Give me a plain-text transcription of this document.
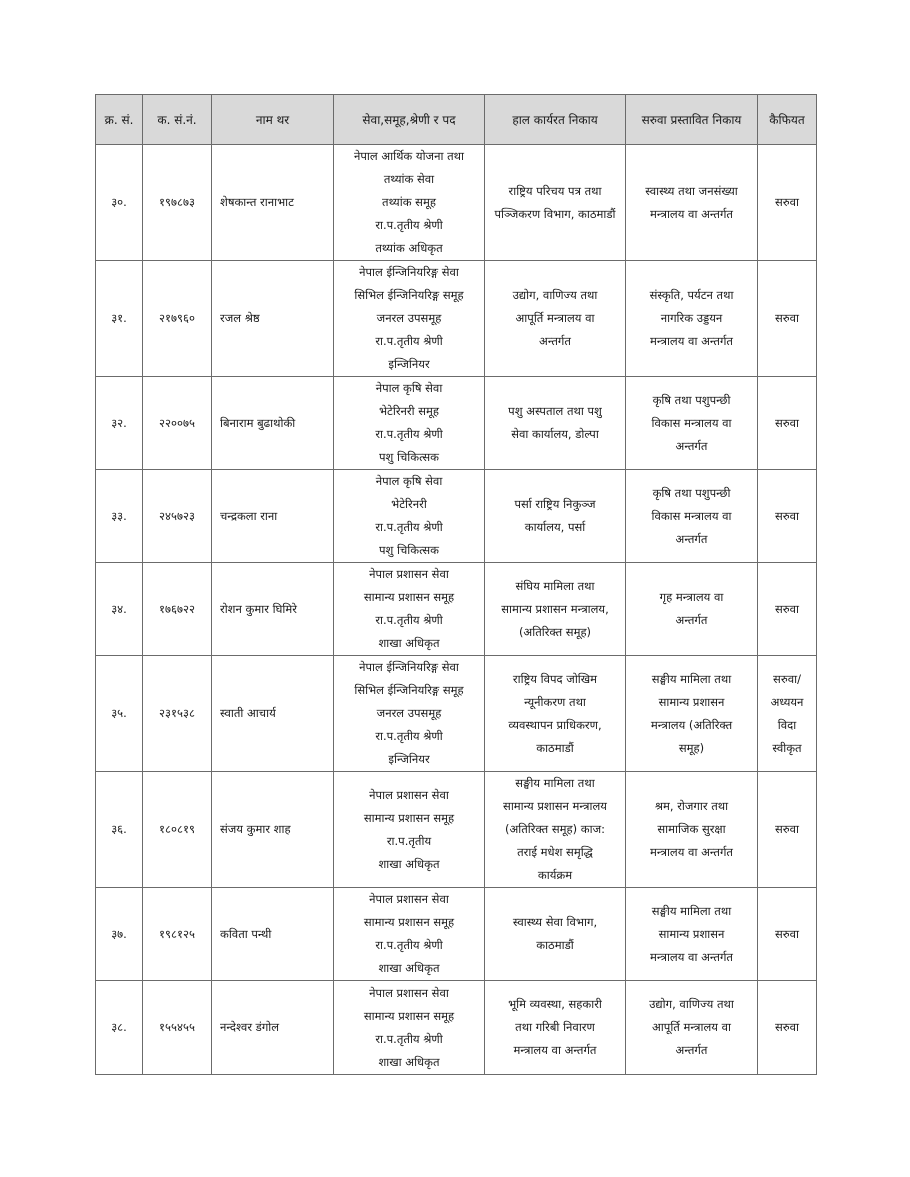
क्र. सं.	क. सं.नं.	नाम थर	सेवा,समूह,श्रेणी र पद	हाल कार्यरत निकाय	सरुवा प्रस्तावित निकाय	कैफियत
३०.	१९७८७३	शेषकान्त रानाभाट	नेपाल आर्थिक योजना तथा
तथ्यांक सेवा
तथ्यांक समूह
रा.प.तृतीय श्रेणी
तथ्यांक अधिकृत	राष्ट्रिय परिचय पत्र तथा
पञ्जिकरण विभाग, काठमाडौं	स्वास्थ्य तथा जनसंख्या
मन्त्रालय वा अन्तर्गत	सरुवा

३१.	२१७९६०	रजल श्रेष्ठ	नेपाल ईन्जिनियरिङ्ग सेवा
सिभिल ईन्जिनियरिङ्ग समूह
जनरल उपसमूह
रा.प.तृतीय श्रेणी
इन्जिनियर	उद्योग, वाणिज्य तथा
आपूर्ति मन्त्रालय वा
अन्तर्गत	संस्कृति, पर्यटन तथा
नागरिक उड्डयन
मन्त्रालय वा अन्तर्गत	सरुवा

३२.	२२००७५	बिनाराम बुढाथोकी	नेपाल कृषि सेवा
भेटेरिनरी समूह
रा.प.तृतीय श्रेणी
पशु चिकित्सक	पशु अस्पताल तथा पशु
सेवा कार्यालय, डोल्पा	कृषि तथा पशुपन्छी
विकास मन्त्रालय वा
अन्तर्गत	सरुवा

३३.	२४५७२३	चन्द्रकला राना	नेपाल कृषि सेवा
भेटेरिनरी
रा.प.तृतीय श्रेणी
पशु चिकित्सक	पर्सा राष्ट्रिय निकुञ्ज
कार्यालय, पर्सा	कृषि तथा पशुपन्छी
विकास मन्त्रालय वा
अन्तर्गत	सरुवा

३४.	१७६७२२	रोशन कुमार घिमिरे	नेपाल प्रशासन सेवा
सामान्य प्रशासन समूह
रा.प.तृतीय श्रेणी
शाखा अधिकृत	संघिय मामिला तथा
सामान्य प्रशासन मन्त्रालय,
(अतिरिक्त समूह)	गृह मन्त्रालय वा
अन्तर्गत	सरुवा

३५.	२३१५३८	स्वाती आचार्य	नेपाल ईन्जिनियरिङ्ग सेवा
सिभिल ईन्जिनियरिङ्ग समूह
जनरल उपसमूह
रा.प.तृतीय श्रेणी
इन्जिनियर	राष्ट्रिय विपद जोखिम
न्यूनीकरण तथा
व्यवस्थापन प्राधिकरण,
काठमाडौं	सङ्घीय मामिला तथा
सामान्य प्रशासन
मन्त्रालय (अतिरिक्त
समूह)	सरुवा/
अध्ययन
विदा
स्वीकृत

३६.	१८०८१९	संजय कुमार शाह	नेपाल प्रशासन सेवा
सामान्य प्रशासन समूह
रा.प.तृतीय
शाखा अधिकृत	सङ्घीय मामिला तथा
सामान्य प्रशासन मन्त्रालय
(अतिरिक्त समूह) काज:
तराई मधेश समृद्धि
कार्यक्रम	श्रम, रोजगार तथा
सामाजिक सुरक्षा
मन्त्रालय वा अन्तर्गत	सरुवा

३७.	१९८१२५	कविता पन्थी	नेपाल प्रशासन सेवा
सामान्य प्रशासन समूह
रा.प.तृतीय श्रेणी
शाखा अधिकृत	स्वास्थ्य सेवा विभाग,
काठमाडौं	सङ्घीय मामिला तथा
सामान्य प्रशासन
मन्त्रालय वा अन्तर्गत	सरुवा

३८.	१५५४५५	नन्देश्वर डंगोल	नेपाल प्रशासन सेवा
सामान्य प्रशासन समूह
रा.प.तृतीय श्रेणी
शाखा अधिकृत	भूमि व्यवस्था, सहकारी
तथा गरिबी निवारण
मन्त्रालय वा अन्तर्गत	उद्योग, वाणिज्य तथा
आपूर्ति मन्त्रालय वा
अन्तर्गत	सरुवा
